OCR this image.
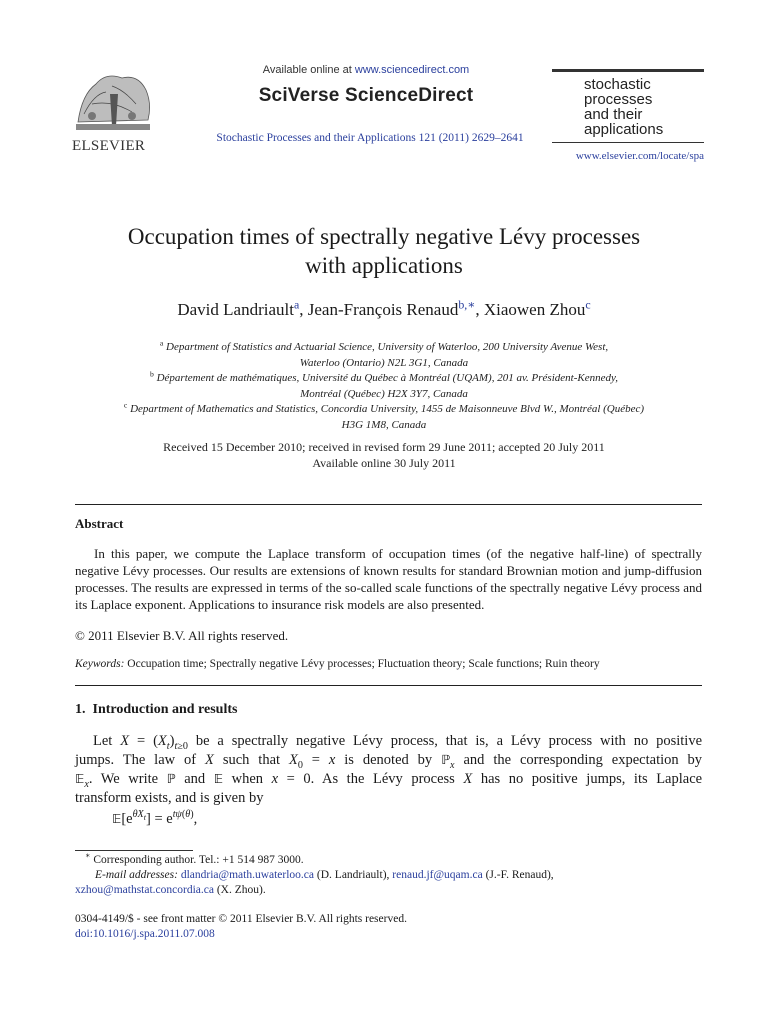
ELSEVIER
Available online at www.sciencedirect.com
SciVerse ScienceDirect
Stochastic Processes and their Applications 121 (2011) 2629–2641
stochastic
processes
and their
applications
www.elsevier.com/locate/spa
Occupation times of spectrally negative Lévy processes
with applications
David Landriault$^a$, Jean-François Renaud$^{b,∗}$, Xiaowen Zhou$^c$
$^a$ Department of Statistics and Actuarial Science, University of Waterloo, 200 University Avenue West,
Waterloo (Ontario) N2L 3G1, Canada
$^b$ Département de mathématiques, Université du Québec à Montréal (UQAM), 201 av. Président-Kennedy,
Montréal (Québec) H2X 3Y7, Canada
$^c$ Department of Mathematics and Statistics, Concordia University, 1455 de Maisonneuve Blvd W., Montréal (Québec)
H3G 1M8, Canada
Received 15 December 2010; received in revised form 29 June 2011; accepted 20 July 2011
Available online 30 July 2011
Abstract
In this paper, we compute the Laplace transform of occupation times (of the negative half-line) of spectrally negative Lévy processes. Our results are extensions of known results for standard Brownian motion and jump-diffusion processes. The results are expressed in terms of the so-called scale functions of the spectrally negative Lévy process and its Laplace exponent. Applications to insurance risk models are also presented.
© 2011 Elsevier B.V. All rights reserved.
Keywords: Occupation time; Spectrally negative Lévy processes; Fluctuation theory; Scale functions; Ruin theory
1.  Introduction and results
Let $X = (X_t)_{t\ge 0}$ be a spectrally negative Lévy process, that is, a Lévy process with no positive
jumps. The law of X such that $X_0 = x$ is denoted by ℙ$_x$ and the corresponding expectation by
𝔼$_x$. We write ℙ and 𝔼 when x = 0. As the Lévy process X has no positive jumps, its Laplace
transform exists, and is given by
$𝔼[e^{\theta X_t}] = e^{t\psi(\theta)}$,
∗ Corresponding author. Tel.: +1 514 987 3000.
E-mail addresses: dlandria@math.uwaterloo.ca (D. Landriault), renaud.jf@uqam.ca (J.-F. Renaud),
xzhou@mathstat.concordia.ca (X. Zhou).
0304-4149/$ - see front matter © 2011 Elsevier B.V. All rights reserved.
doi:10.1016/j.spa.2011.07.008
